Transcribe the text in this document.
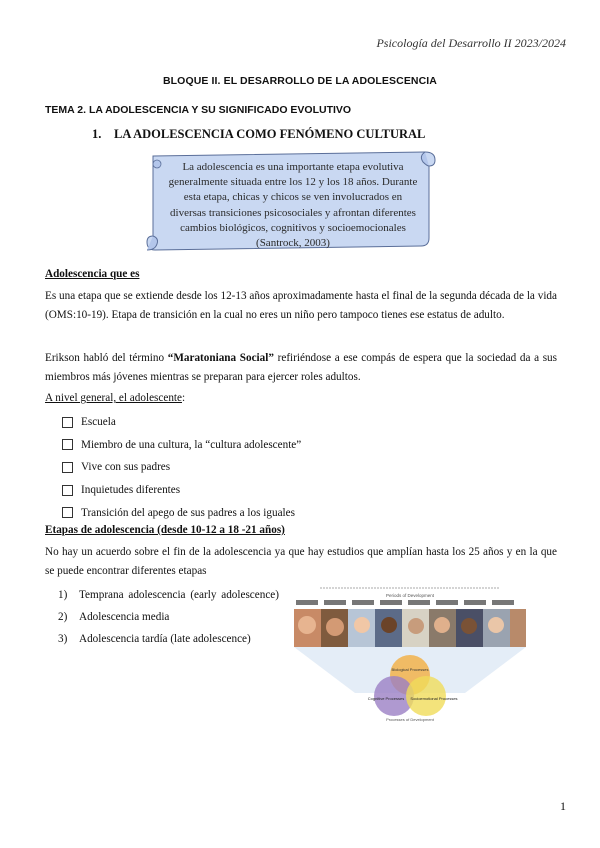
Psicología del Desarrollo II 2023/2024
BLOQUE II. EL DESARROLLO DE LA ADOLESCENCIA
TEMA 2. LA ADOLESCENCIA Y SU SIGNIFICADO EVOLUTIVO
1. LA ADOLESCENCIA COMO FENÓMENO CULTURAL
La adolescencia es una importante etapa evolutiva generalmente situada entre los 12 y los 18 años. Durante esta etapa, chicas y chicos se ven involucrados en diversas transiciones psicosociales y afrontan diferentes cambios biológicos, cognitivos y socioemocionales (Santrock, 2003)
Adolescencia que es
Es una etapa que se extiende desde los 12-13 años aproximadamente hasta el final de la segunda década de la vida (OMS:10-19). Etapa de transición en la cual no eres un niño pero tampoco tienes ese estatus de adulto.
Erikson habló del término “Maratoniana Social” refiriéndose a ese compás de espera que la sociedad da a sus miembros más jóvenes mientras se preparan para ejercer roles adultos.
A nivel general, el adolescente:
Escuela
Miembro de una cultura, la “cultura adolescente”
Vive con sus padres
Inquietudes diferentes
Transición del apego de sus padres a los iguales
Etapas de adolescencia (desde 10-12 a 18 -21 años)
No hay un acuerdo sobre el fin de la adolescencia ya que hay estudios que amplían hasta los 25 años y en la que se puede encontrar diferentes etapas
1)	Temprana adolescencia (early adolescence)
2)	Adolescencia media
3)	Adolescencia tardía (late adolescence)
Periods of Development
Biological Processes
Cognitive Processes Socioemotional Processes
Processes of Development
1
